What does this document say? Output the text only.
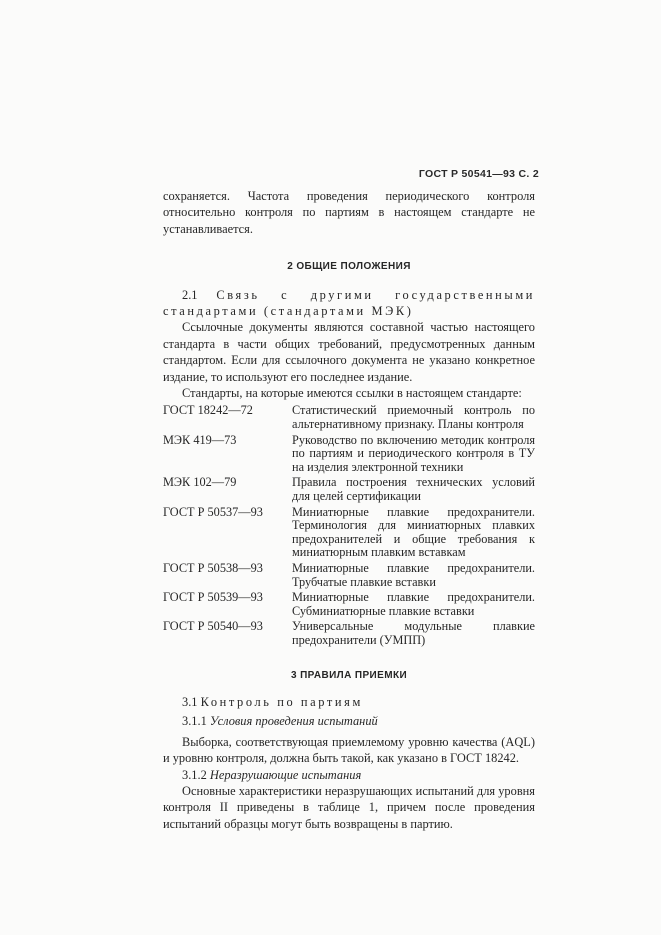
ГОСТ Р 50541—93 С. 2

сохраняется. Частота проведения периодического контроля относительно контроля по партиям в настоящем стандарте не устанавливается.

2 ОБЩИЕ ПОЛОЖЕНИЯ

2.1 Связь с другими государственными стандартами (стандартами МЭК)

Ссылочные документы являются составной частью настоящего стандарта в части общих требований, предусмотренных данным стандартом. Если для ссылочного документа не указано конкретное издание, то используют его последнее издание.

Стандарты, на которые имеются ссылки в настоящем стандарте:

ГОСТ 18242—72	Статистический приемочный контроль по альтернативному признаку. Планы контроля
МЭК 419—73	Руководство по включению методик контроля по партиям и периодического контроля в ТУ на изделия электронной техники
МЭК 102—79	Правила построения технических условий для целей сертификации
ГОСТ Р 50537—93	Миниатюрные плавкие предохранители. Терминология для миниатюрных плавких предохранителей и общие требования к миниатюрным плавким вставкам
ГОСТ Р 50538—93	Миниатюрные плавкие предохранители. Трубчатые плавкие вставки
ГОСТ Р 50539—93	Миниатюрные плавкие предохранители. Субминиатюрные плавкие вставки
ГОСТ Р 50540—93	Универсальные модульные плавкие предохранители (УМПП)

3 ПРАВИЛА ПРИЕМКИ

3.1 Контроль по партиям

3.1.1 Условия проведения испытаний

Выборка, соответствующая приемлемому уровню качества (AQL) и уровню контроля, должна быть такой, как указано в ГОСТ 18242.

3.1.2 Неразрушающие испытания

Основные характеристики неразрушающих испытаний для уровня контроля II приведены в таблице 1, причем после проведения испытаний образцы могут быть возвращены в партию.
